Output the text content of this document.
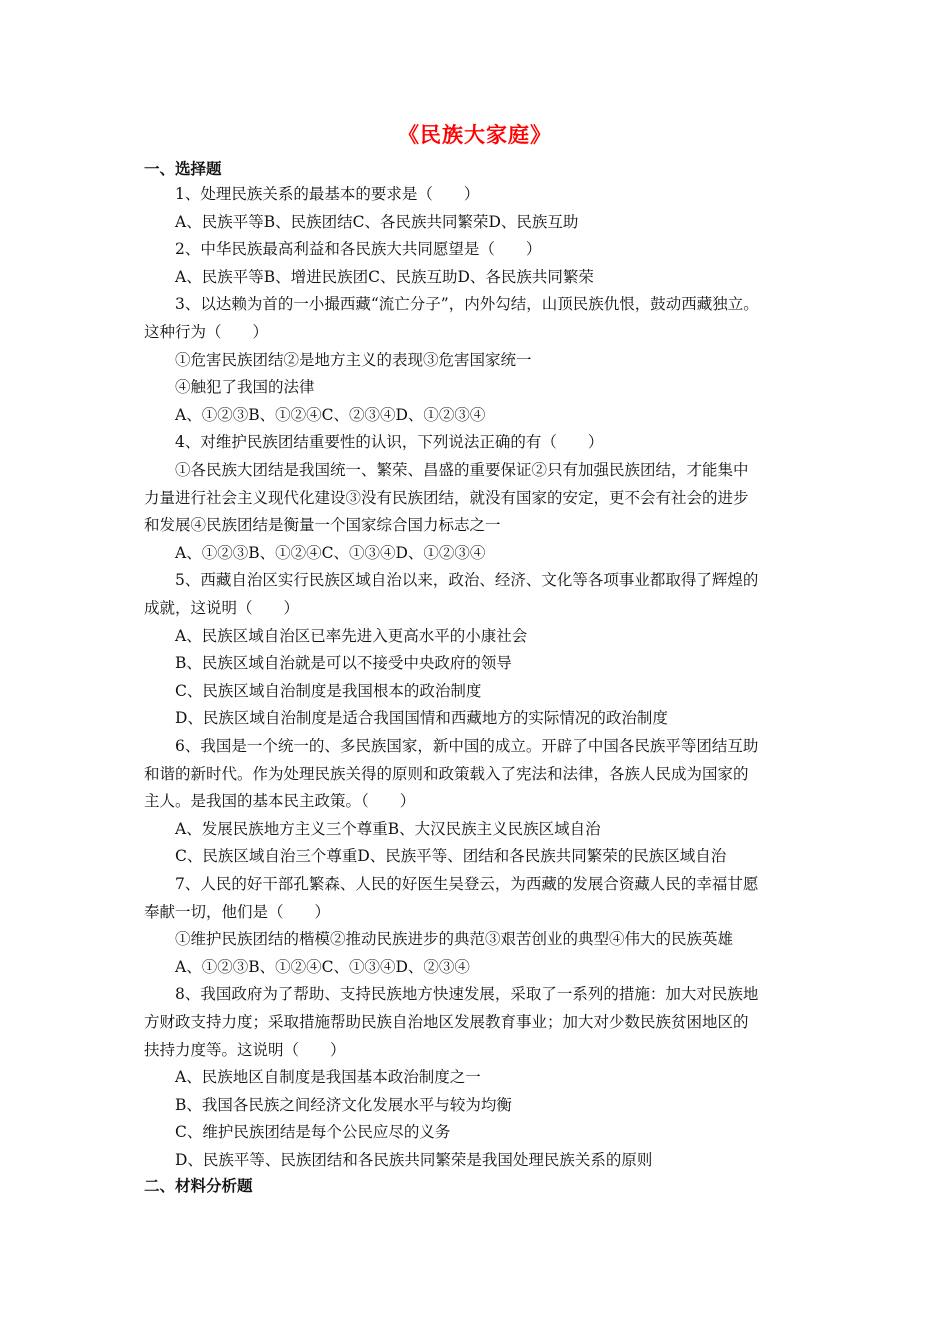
《民族大家庭》
一、选择题
1、处理民族关系的最基本的要求是（　　）
A、民族平等B、民族团结C、各民族共同繁荣D、民族互助
2、中华民族最高利益和各民族大共同愿望是（　　）
A、民族平等B、增进民族团C、民族互助D、各民族共同繁荣
3、以达赖为首的一小撮西藏“流亡分子”，内外勾结，山顶民族仇恨，鼓动西藏独立。
这种行为（　　）
①危害民族团结②是地方主义的表现③危害国家统一
④触犯了我国的法律
A、①②③B、①②④C、②③④D、①②③④
4、对维护民族团结重要性的认识，下列说法正确的有（　　）
①各民族大团结是我国统一、繁荣、昌盛的重要保证②只有加强民族团结，才能集中
力量进行社会主义现代化建设③没有民族团结，就没有国家的安定，更不会有社会的进步
和发展④民族团结是衡量一个国家综合国力标志之一
A、①②③B、①②④C、①③④D、①②③④
5、西藏自治区实行民族区域自治以来，政治、经济、文化等各项事业都取得了辉煌的
成就，这说明（　　）
A、民族区域自治区已率先进入更高水平的小康社会
B、民族区域自治就是可以不接受中央政府的领导
C、民族区域自治制度是我国根本的政治制度
D、民族区域自治制度是适合我国国情和西藏地方的实际情况的政治制度
6、我国是一个统一的、多民族国家，新中国的成立。开辟了中国各民族平等团结互助
和谐的新时代。作为处理民族关得的原则和政策载入了宪法和法律，各族人民成为国家的
主人。是我国的基本民主政策。（　　）
A、发展民族地方主义三个尊重B、大汉民族主义民族区域自治
C、民族区域自治三个尊重D、民族平等、团结和各民族共同繁荣的民族区域自治
7、人民的好干部孔繁森、人民的好医生吴登云，为西藏的发展合资藏人民的幸福甘愿
奉献一切，他们是（　　）
①维护民族团结的楷模②推动民族进步的典范③艰苦创业的典型④伟大的民族英雄
A、①②③B、①②④C、①③④D、②③④
8、我国政府为了帮助、支持民族地方快速发展，采取了一系列的措施：加大对民族地
方财政支持力度；采取措施帮助民族自治地区发展教育事业；加大对少数民族贫困地区的
扶持力度等。这说明（　　）
A、民族地区自制度是我国基本政治制度之一
B、我国各民族之间经济文化发展水平与较为均衡
C、维护民族团结是每个公民应尽的义务
D、民族平等、民族团结和各民族共同繁荣是我国处理民族关系的原则
二、材料分析题
